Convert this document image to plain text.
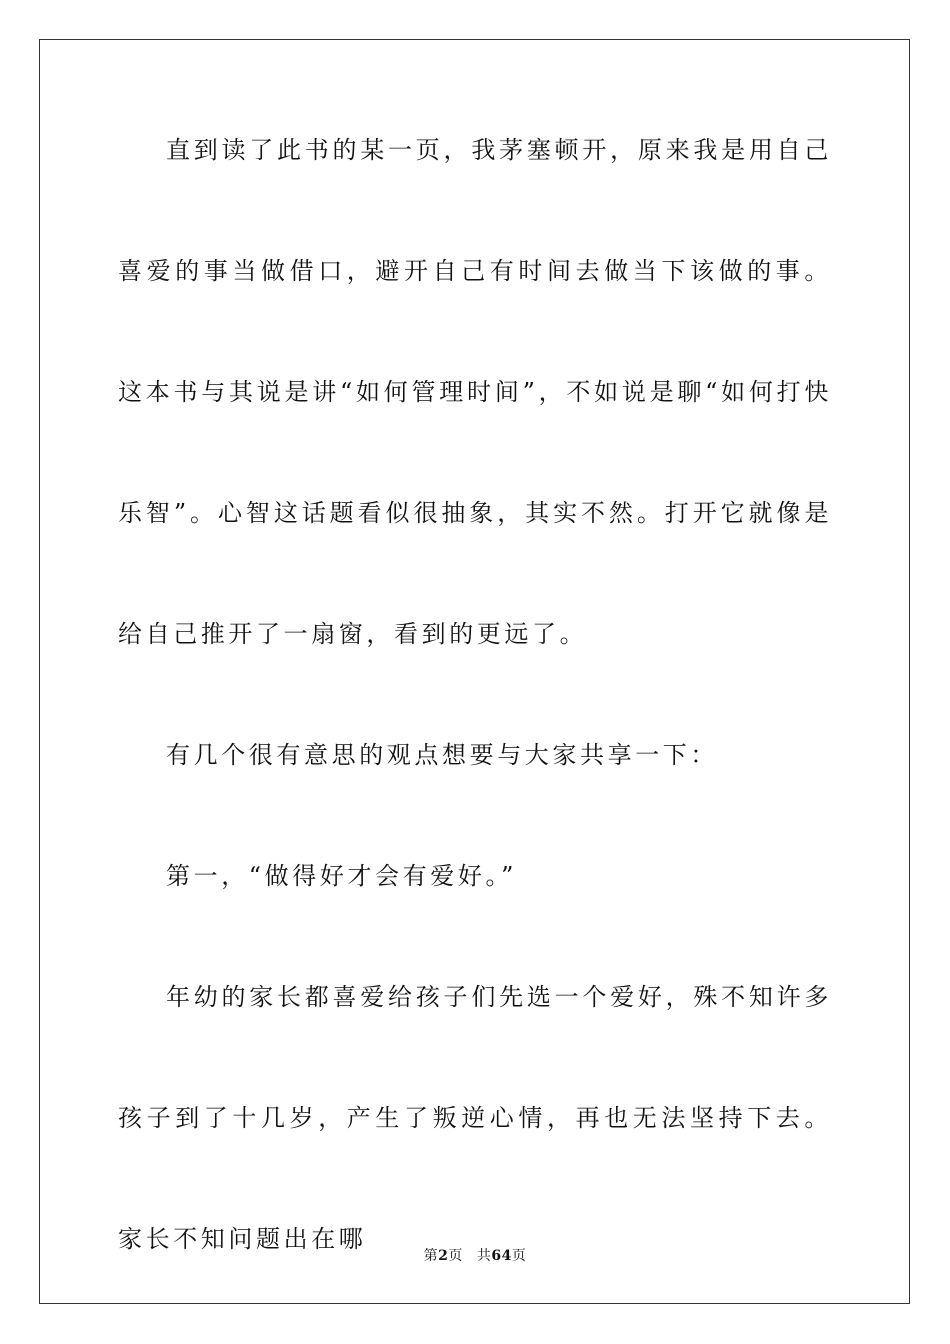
直到读了此书的某一页，我茅塞顿开，原来我是用自己喜爱的事当做借口，避开自己有时间去做当下该做的事。这本书与其说是讲“如何管理时间”，不如说是聊“如何打快乐智”。心智这话题看似很抽象，其实不然。打开它就像是给自己推开了一扇窗，看到的更远了。

有几个很有意思的观点想要与大家共享一下：

第一，“做得好才会有爱好。”

年幼的家长都喜爱给孩子们先选一个爱好，殊不知许多孩子到了十几岁，产生了叛逆心情，再也无法坚持下去。家长不知问题出在哪

第2页 共64页
